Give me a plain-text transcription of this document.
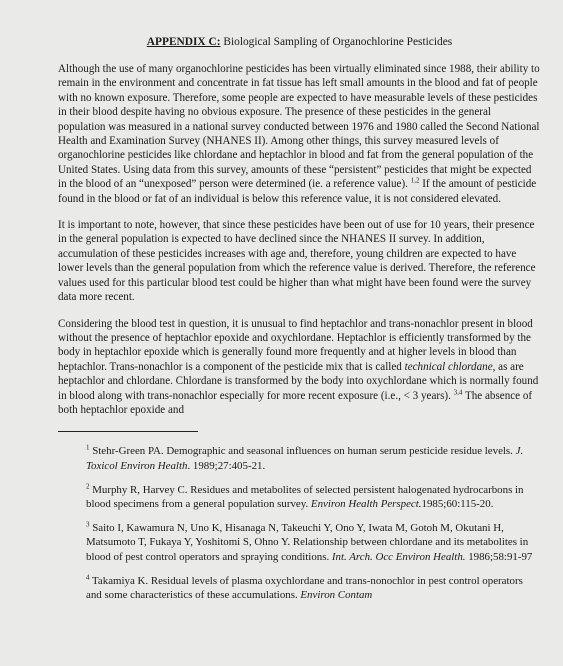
APPENDIX C: Biological Sampling of Organochlorine Pesticides

Although the use of many organochlorine pesticides has been virtually eliminated since 1988, their ability to remain in the environment and concentrate in fat tissue has left small amounts in the blood and fat of people with no known exposure. Therefore, some people are expected to have measurable levels of these pesticides in their blood despite having no obvious exposure. The presence of these pesticides in the general population was measured in a national survey conducted between 1976 and 1980 called the Second National Health and Examination Survey (NHANES II). Among other things, this survey measured levels of organochlorine pesticides like chlordane and heptachlor in blood and fat from the general population of the United States. Using data from this survey, amounts of these “persistent” pesticides that might be expected in the blood of an “unexposed” person were determined (ie. a reference value). $^{1,2}$ If the amount of pesticide found in the blood or fat of an individual is below this reference value, it is not considered elevated.

It is important to note, however, that since these pesticides have been out of use for 10 years, their presence in the general population is expected to have declined since the NHANES II survey. In addition, accumulation of these pesticides increases with age and, therefore, young children are expected to have lower levels than the general population from which the reference value is derived. Therefore, the reference values used for this particular blood test could be higher than what might have been found were the survey data more recent.

Considering the blood test in question, it is unusual to find heptachlor and trans-nonachlor present in blood without the presence of heptachlor epoxide and oxychlordane. Heptachlor is efficiently transformed by the body in heptachlor epoxide which is generally found more frequently and at higher levels in blood than heptachlor. Trans-nonachlor is a component of the pesticide mix that is called technical chlordane, as are heptachlor and chlordane. Chlordane is transformed by the body into oxychlordane which is normally found in blood along with trans-nonachlor especially for more recent exposure (i.e., < 3 years). $^{3,4}$ The absence of both heptachlor epoxide and

$^1$ Stehr-Green PA. Demographic and seasonal influences on human serum pesticide residue levels. J. Toxicol Environ Health. 1989;27:405-21.
$^2$ Murphy R, Harvey C. Residues and metabolites of selected persistent halogenated hydrocarbons in blood specimens from a general population survey. Environ Health Perspect.1985;60:115-20.
$^3$ Saito I, Kawamura N, Uno K, Hisanaga N, Takeuchi Y, Ono Y, Iwata M, Gotoh M, Okutani H, Matsumoto T, Fukaya Y, Yoshitomi S, Ohno Y. Relationship between chlordane and its metabolites in blood of pest control operators and spraying conditions. Int. Arch. Occ Environ Health. 1986;58:91-97
$^4$ Takamiya K. Residual levels of plasma oxychlordane and trans-nonochlor in pest control operators and some characteristics of these accumulations. Environ Contam
